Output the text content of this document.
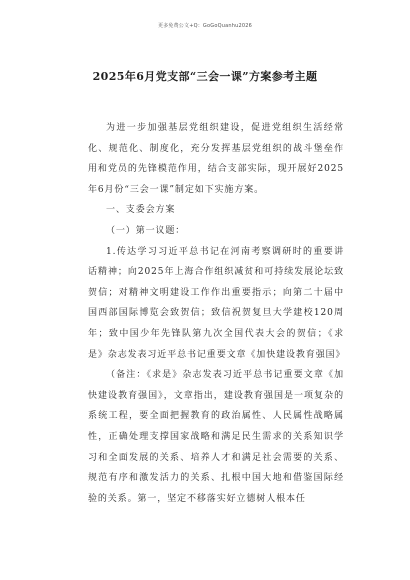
更多免费公文+Q：GoGoQuanhu2026
2025年6月党支部“三会一课”方案参考主题

为进一步加强基层党组织建设，促进党组织生活经常化、规范化、制度化，充分发挥基层党组织的战斗堡垒作用和党员的先锋模范作用，结合支部实际，现开展好2025年6月份“三会一课”制定如下实施方案。

一、支委会方案

（一）第一议题：

1.传达学习习近平总书记在河南考察调研时的重要讲话精神；向2025年上海合作组织减贫和可持续发展论坛致贺信；对精神文明建设工作作出重要指示；向第二十届中国西部国际博览会致贺信；致信祝贺复旦大学建校120周年；致中国少年先锋队第九次全国代表大会的贺信；《求是》杂志发表习近平总书记重要文章《加快建设教育强国》

（备注：《求是》杂志发表习近平总书记重要文章《加快建设教育强国》，文章指出，建设教育强国是一项复杂的系统工程，要全面把握教育的政治属性、人民属性战略属性，正确处理支撑国家战略和满足民生需求的关系知识学习和全面发展的关系、培养人才和满足社会需要的关系、规范有序和激发活力的关系、扎根中国大地和借鉴国际经验的关系。第一，坚定不移落实好立德树人根本任
